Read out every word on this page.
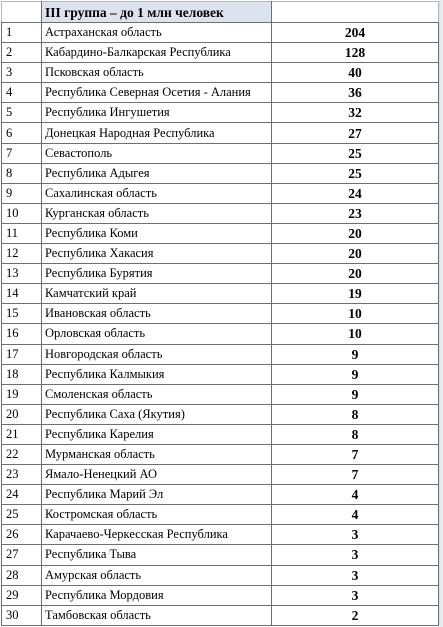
	III группа – до 1 млн человек	
1	Астраханская область	204
2	Кабардино-Балкарская Республика	128
3	Псковская область	40
4	Республика Северная Осетия - Алания	36
5	Республика Ингушетия	32
6	Донецкая Народная Республика	27
7	Севастополь	25
8	Республика Адыгея	25
9	Сахалинская область	24
10	Курганская область	23
11	Республика Коми	20
12	Республика Хакасия	20
13	Республика Бурятия	20
14	Камчатский край	19
15	Ивановская область	10
16	Орловская область	10
17	Новгородская область	9
18	Республика Калмыкия	9
19	Смоленская область	9
20	Республика Саха (Якутия)	8
21	Республика Карелия	8
22	Мурманская область	7
23	Ямало-Ненецкий АО	7
24	Республика Марий Эл	4
25	Костромская область	4
26	Карачаево-Черкесская Республика	3
27	Республика Тыва	3
28	Амурская область	3
29	Республика Мордовия	3
30	Тамбовская область	2
